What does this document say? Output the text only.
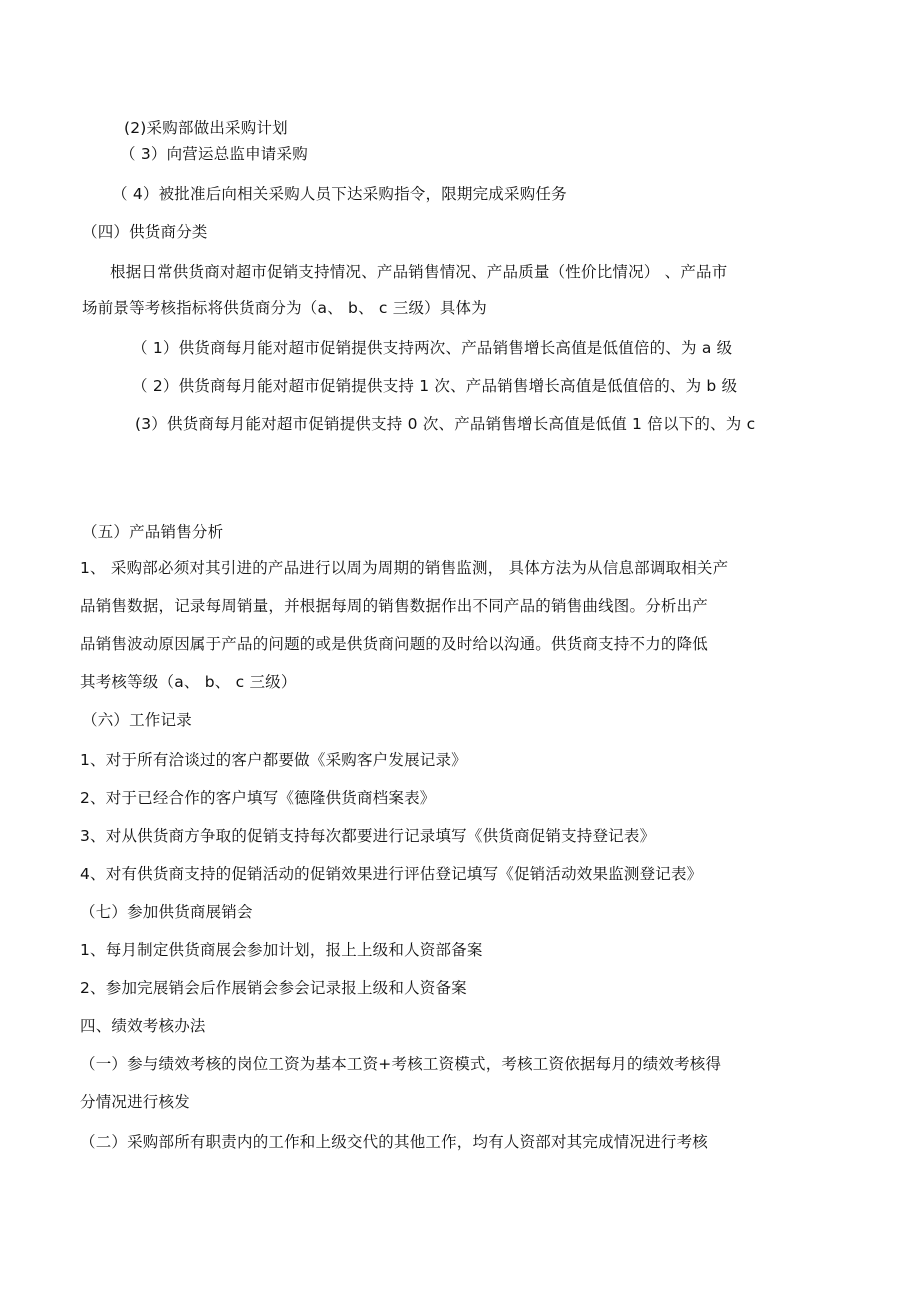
(2)采购部做出采购计划
（ 3）向营运总监申请采购
（ 4）被批准后向相关采购人员下达采购指令，限期完成采购任务
（四）供货商分类
根据日常供货商对超市促销支持情况、产品销售情况、产品质量（性价比情况） 、产品市
场前景等考核指标将供货商分为（a、 b、 c 三级）具体为
（ 1）供货商每月能对超市促销提供支持两次、产品销售增长高值是低值倍的、为 a 级
（ 2）供货商每月能对超市促销提供支持 1 次、产品销售增长高值是低值倍的、为 b 级
(3）供货商每月能对超市促销提供支持 0 次、产品销售增长高值是低值 1 倍以下的、为 c
（五）产品销售分析
1、 采购部必须对其引进的产品进行以周为周期的销售监测， 具体方法为从信息部调取相关产
品销售数据，记录每周销量，并根据每周的销售数据作出不同产品的销售曲线图。分析出产
品销售波动原因属于产品的问题的或是供货商问题的及时给以沟通。供货商支持不力的降低
其考核等级（a、 b、 c 三级）
（六）工作记录
1、对于所有洽谈过的客户都要做《采购客户发展记录》
2、对于已经合作的客户填写《德隆供货商档案表》
3、对从供货商方争取的促销支持每次都要进行记录填写《供货商促销支持登记表》
4、对有供货商支持的促销活动的促销效果进行评估登记填写《促销活动效果监测登记表》
（七）参加供货商展销会
1、每月制定供货商展会参加计划，报上上级和人资部备案
2、参加完展销会后作展销会参会记录报上级和人资备案
四、绩效考核办法
（一）参与绩效考核的岗位工资为基本工资+考核工资模式，考核工资依据每月的绩效考核得
分情况进行核发
（二）采购部所有职责内的工作和上级交代的其他工作，均有人资部对其完成情况进行考核
